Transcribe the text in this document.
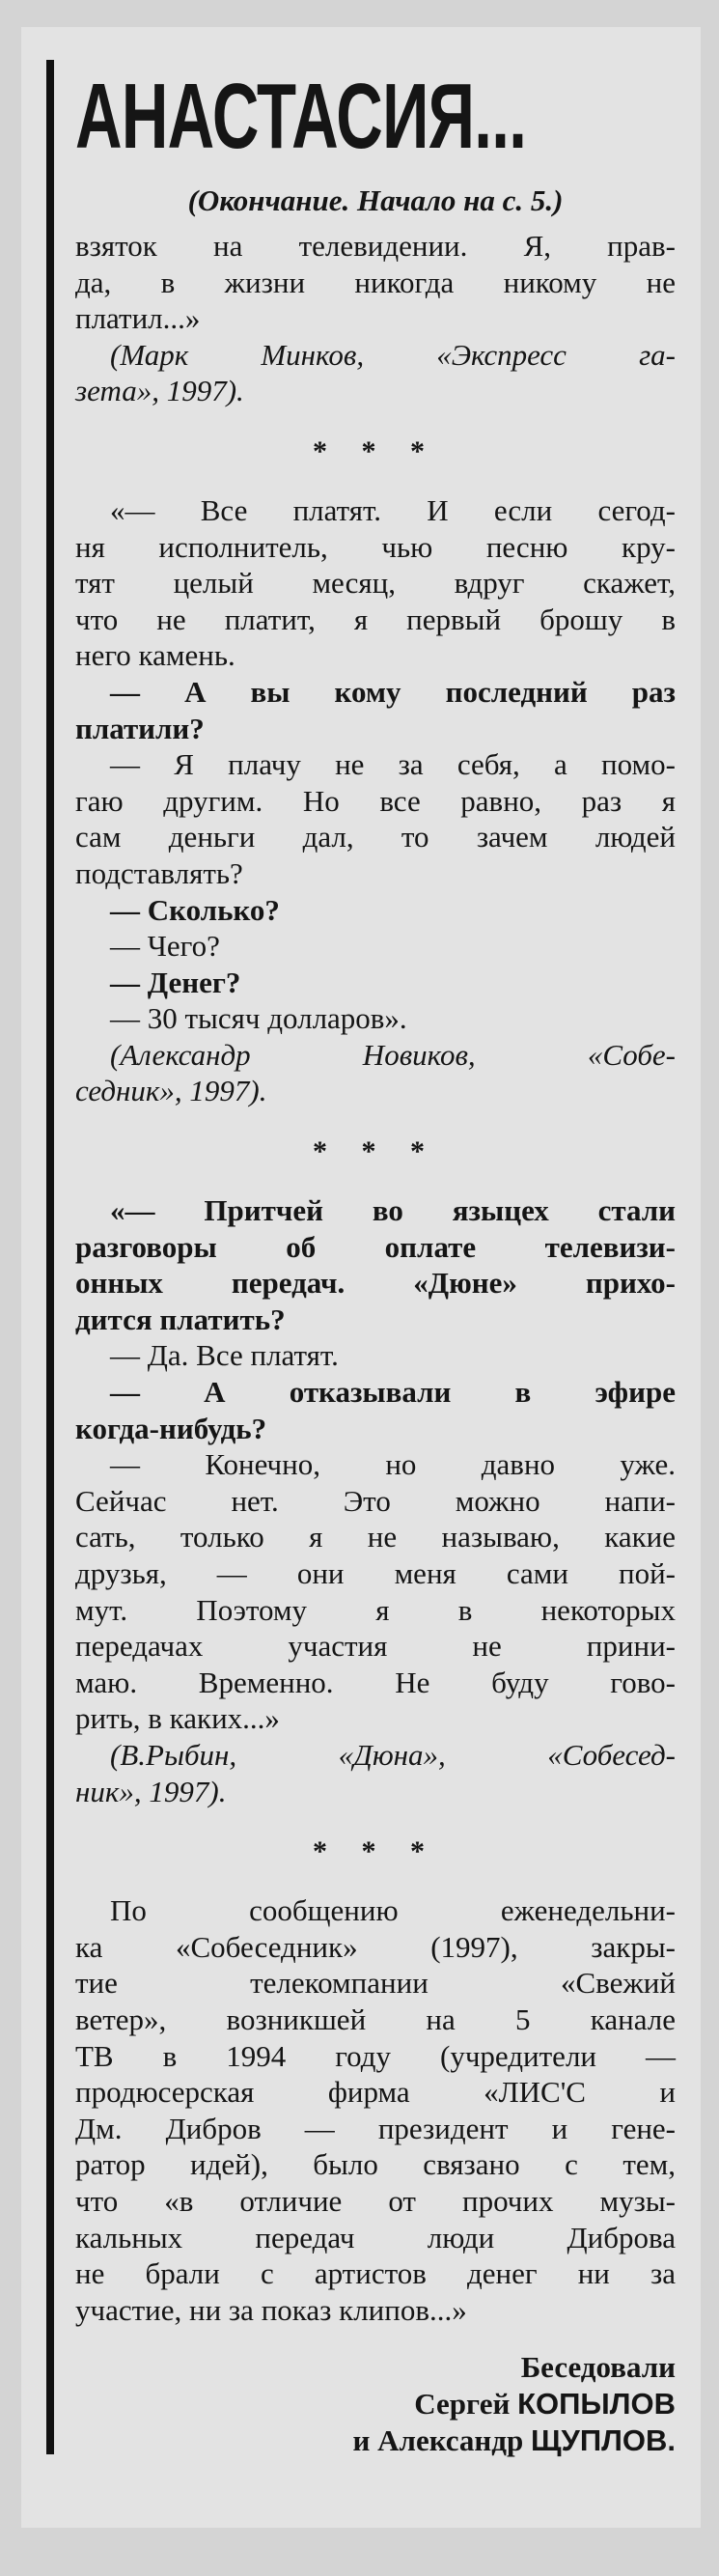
АНАСТАСИЯ...
(Окончание. Начало на с. 5.)
взяток на телевидении. Я, прав-
да, в жизни никогда никому не
платил...»
(Марк Минков, «Экспресс га-
зета», 1997).
* * *
«— Все платят. И если сегод-
ня исполнитель, чью песню кру-
тят целый месяц, вдруг скажет,
что не платит, я первый брошу в
него камень.
— А вы кому последний раз
платили?
— Я плачу не за себя, а помо-
гаю другим. Но все равно, раз я
сам деньги дал, то зачем людей
подставлять?
— Сколько?
— Чего?
— Денег?
— 30 тысяч долларов».
(Александр Новиков, «Собе-
седник», 1997).
* * *
«— Притчей во языцех стали
разговоры об оплате телевизи-
онных передач. «Дюне» прихо-
дится платить?
— Да. Все платят.
— А отказывали в эфире
когда-нибудь?
— Конечно, но давно уже.
Сейчас нет. Это можно напи-
сать, только я не называю, какие
друзья, — они меня сами пой-
мут. Поэтому я в некоторых
передачах участия не прини-
маю. Временно. Не буду гово-
рить, в каких...»
(В.Рыбин, «Дюна», «Собесед-
ник», 1997).
* * *
По сообщению еженедельни-
ка «Собеседник» (1997), закры-
тие телекомпании «Свежий
ветер», возникшей на 5 канале
ТВ в 1994 году (учредители —
продюсерская фирма «ЛИС'С и
Дм. Дибров — президент и гене-
ратор идей), было связано с тем,
что «в отличие от прочих музы-
кальных передач люди Диброва
не брали с артистов денег ни за
участие, ни за показ клипов...»
Беседовали
Сергей КОПЫЛОВ
и Александр ЩУПЛОВ.
